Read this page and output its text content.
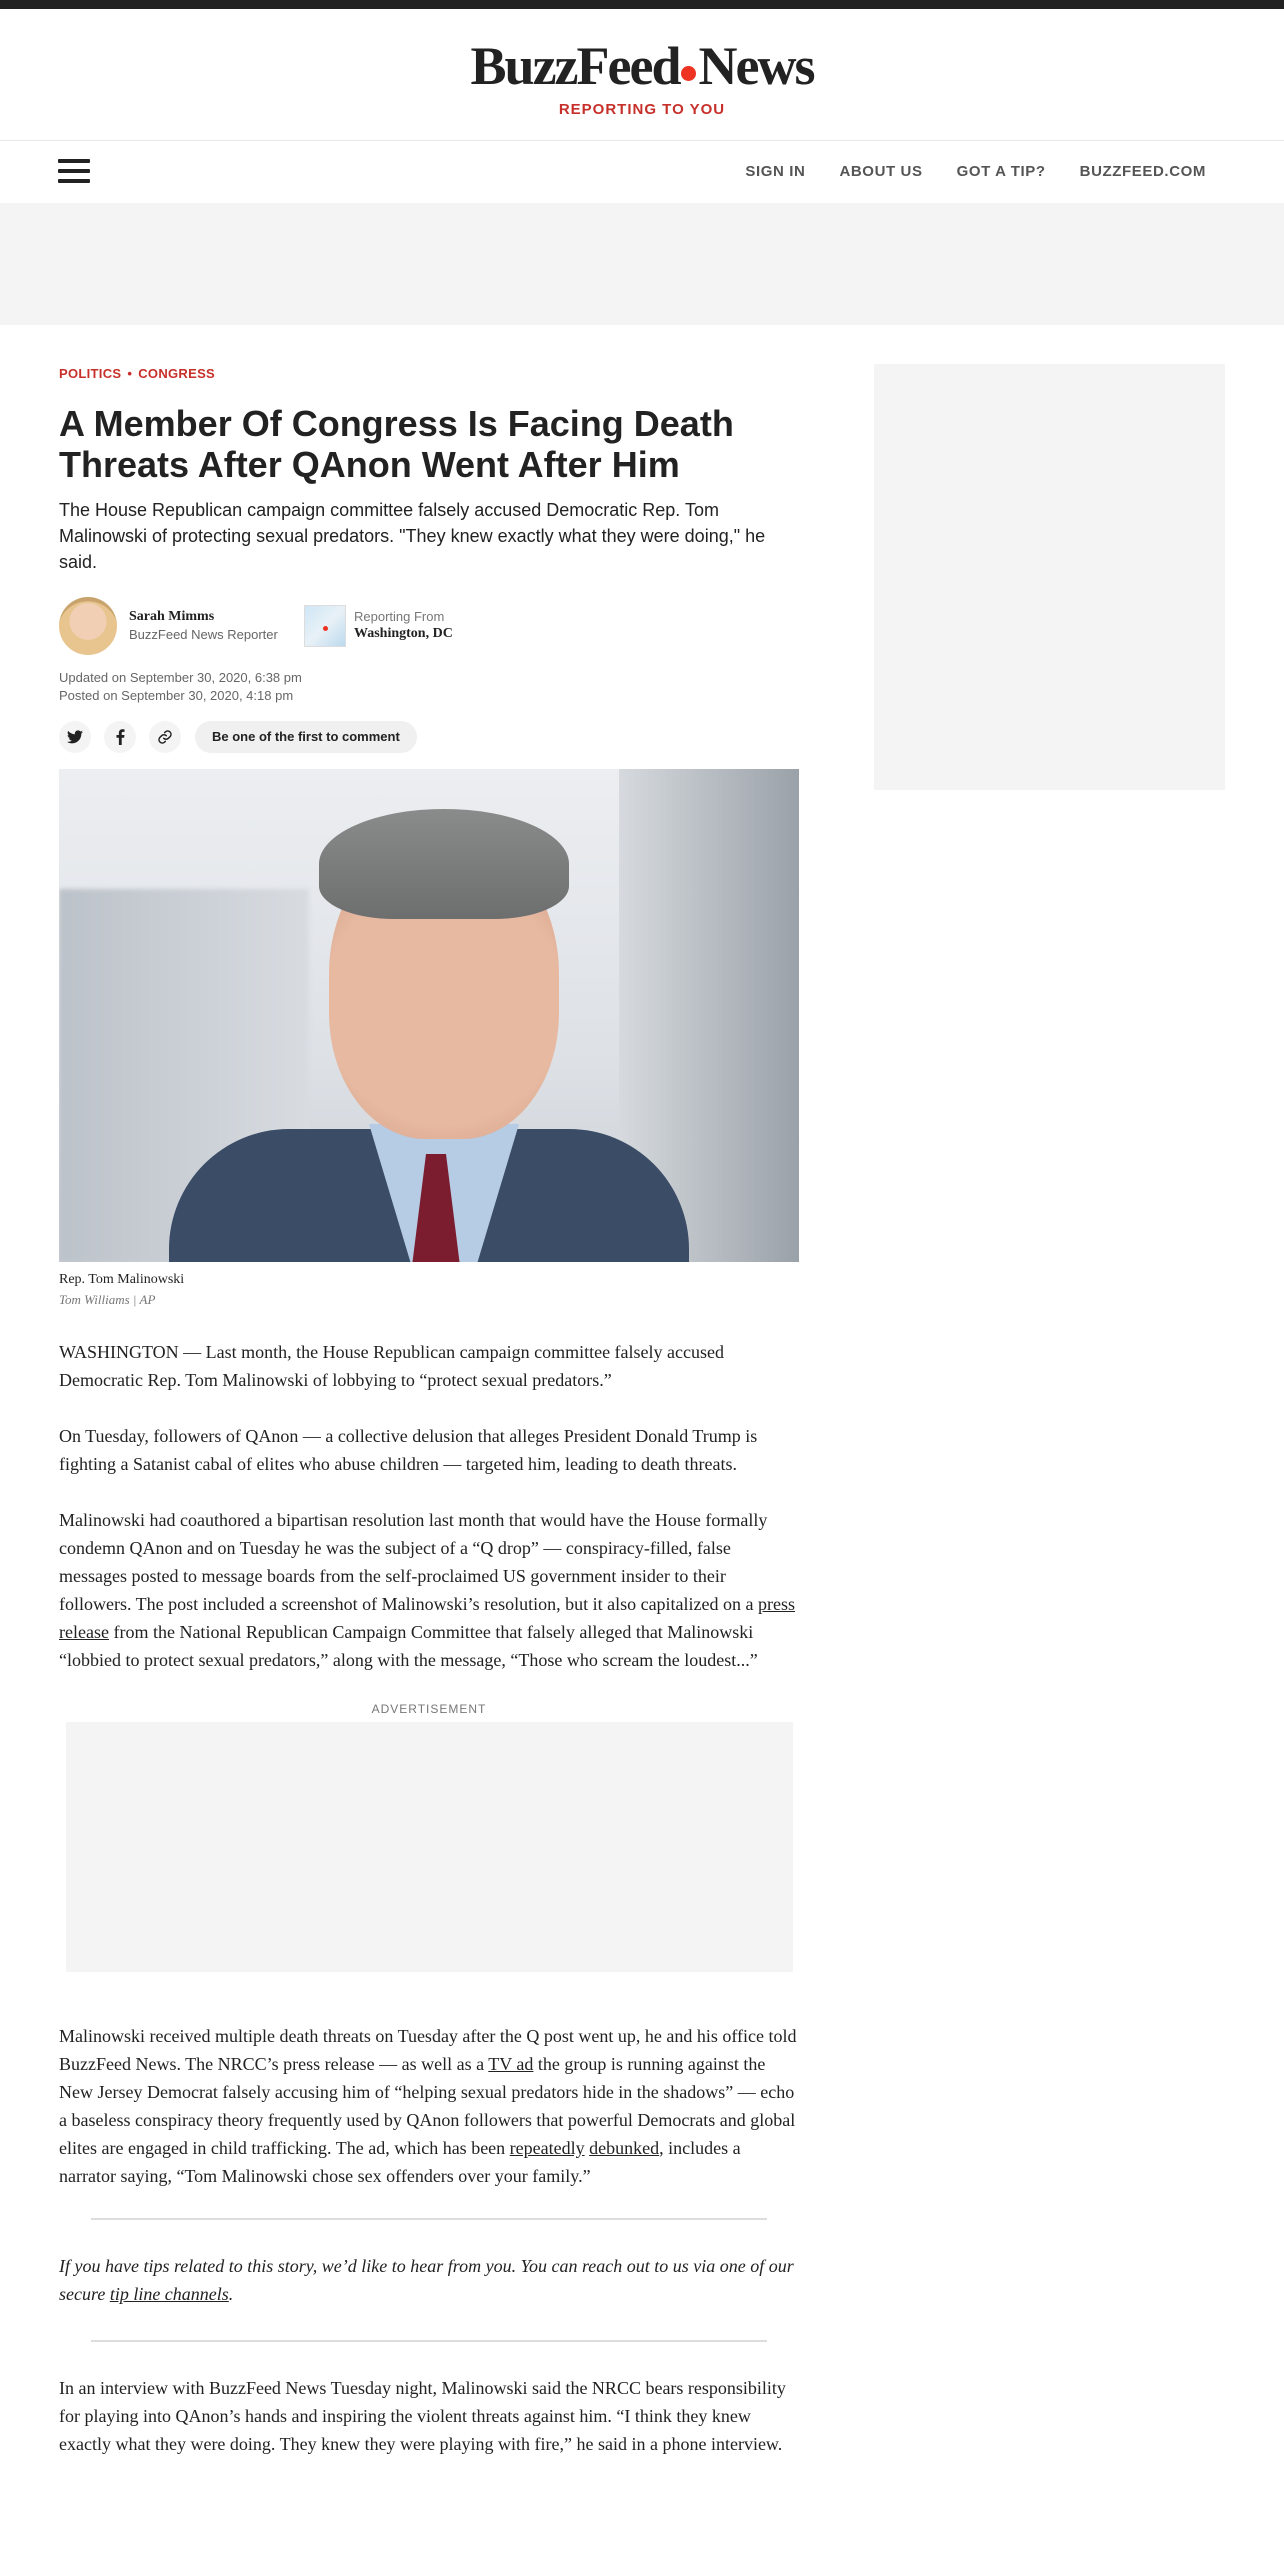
BuzzFeed News
REPORTING TO YOU
SIGN IN ABOUT US GOT A TIP? BUZZFEED.COM
POLITICS • CONGRESS
A Member Of Congress Is Facing Death Threats After QAnon Went After Him
The House Republican campaign committee falsely accused Democratic Rep. Tom Malinowski of protecting sexual predators. "They knew exactly what they were doing," he said.
Sarah Mimms
BuzzFeed News Reporter
Reporting From
Washington, DC
Updated on September 30, 2020, 6:38 pm
Posted on September 30, 2020, 4:18 pm
Be one of the first to comment
Rep. Tom Malinowski
Tom Williams | AP

WASHINGTON — Last month, the House Republican campaign committee falsely accused Democratic Rep. Tom Malinowski of lobbying to “protect sexual predators.”

On Tuesday, followers of QAnon — a collective delusion that alleges President Donald Trump is fighting a Satanist cabal of elites who abuse children — targeted him, leading to death threats.

Malinowski had coauthored a bipartisan resolution last month that would have the House formally condemn QAnon and on Tuesday he was the subject of a “Q drop” — conspiracy-filled, false messages posted to message boards from the self-proclaimed US government insider to their followers. The post included a screenshot of Malinowski’s resolution, but it also capitalized on a press release from the National Republican Campaign Committee that falsely alleged that Malinowski “lobbied to protect sexual predators,” along with the message, “Those who scream the loudest...”

ADVERTISEMENT

Malinowski received multiple death threats on Tuesday after the Q post went up, he and his office told BuzzFeed News. The NRCC’s press release — as well as a TV ad the group is running against the New Jersey Democrat falsely accusing him of “helping sexual predators hide in the shadows” — echo a baseless conspiracy theory frequently used by QAnon followers that powerful Democrats and global elites are engaged in child trafficking. The ad, which has been repeatedly debunked, includes a narrator saying, “Tom Malinowski chose sex offenders over your family.”

If you have tips related to this story, we’d like to hear from you. You can reach out to us via one of our secure tip line channels.

In an interview with BuzzFeed News Tuesday night, Malinowski said the NRCC bears responsibility for playing into QAnon’s hands and inspiring the violent threats against him. “I think they knew exactly what they were doing. They knew they were playing with fire,” he said in a phone interview.
